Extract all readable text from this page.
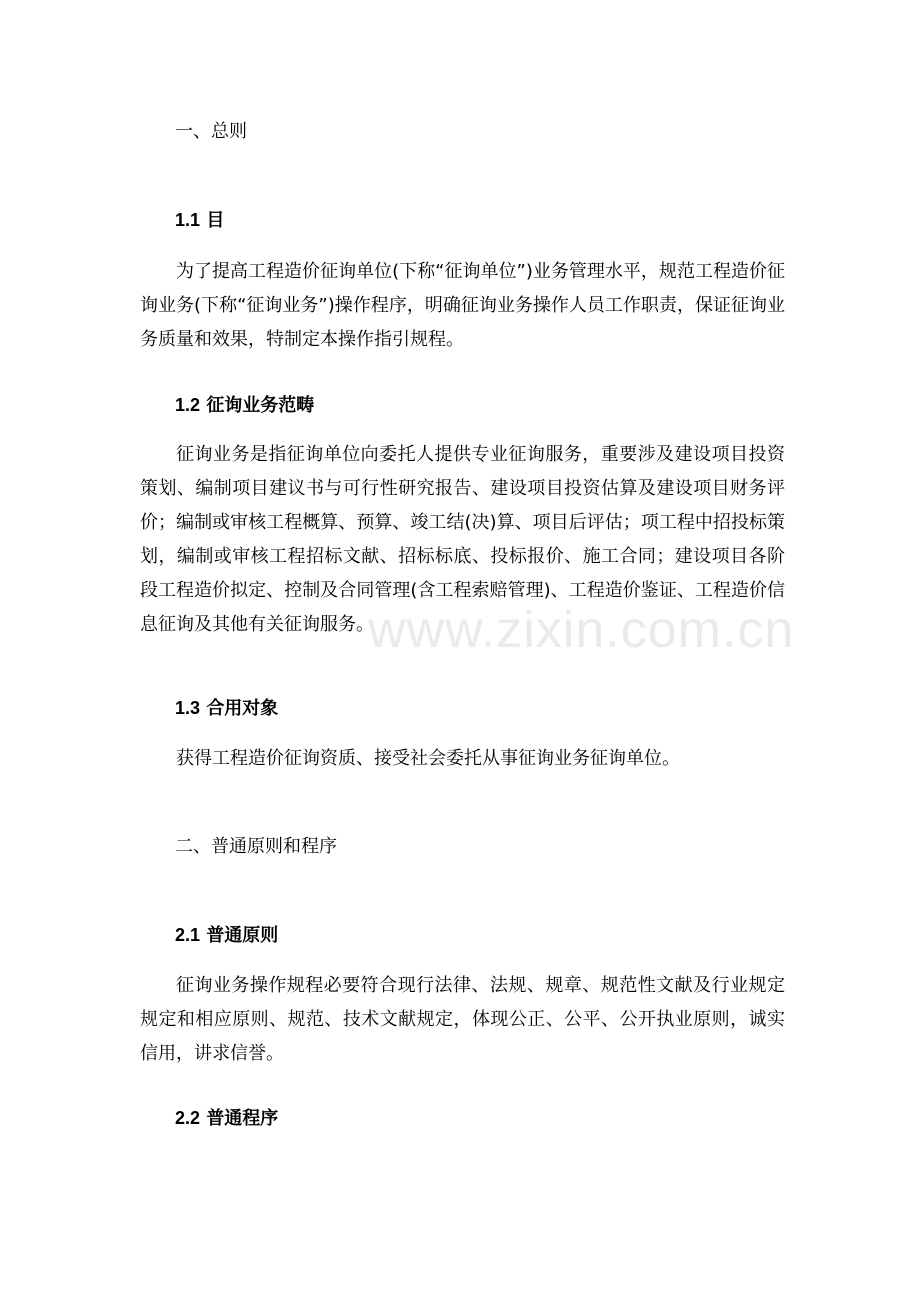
一、总则
1.1 目

为了提高工程造价征询单位(下称“征询单位”)业务管理水平，规范工程造价征询业务(下称“征询业务”)操作程序，明确征询业务操作人员工作职责，保证征询业务质量和效果，特制定本操作指引规程。

1.2 征询业务范畴

征询业务是指征询单位向委托人提供专业征询服务，重要涉及建设项目投资策划、编制项目建议书与可行性研究报告、建设项目投资估算及建设项目财务评价；编制或审核工程概算、预算、竣工结(决)算、项目后评估；项工程中招投标策划，编制或审核工程招标文献、招标标底、投标报价、施工合同；建设项目各阶段工程造价拟定、控制及合同管理(含工程索赔管理)、工程造价鉴证、工程造价信息征询及其他有关征询服务。

1.3 合用对象

获得工程造价征询资质、接受社会委托从事征询业务征询单位。

二、普通原则和程序
2.1 普通原则

征询业务操作规程必要符合现行法律、法规、规章、规范性文献及行业规定规定和相应原则、规范、技术文献规定，体现公正、公平、公开执业原则，诚实信用，讲求信誉。

2.2 普通程序
www.zixin.com.cn
